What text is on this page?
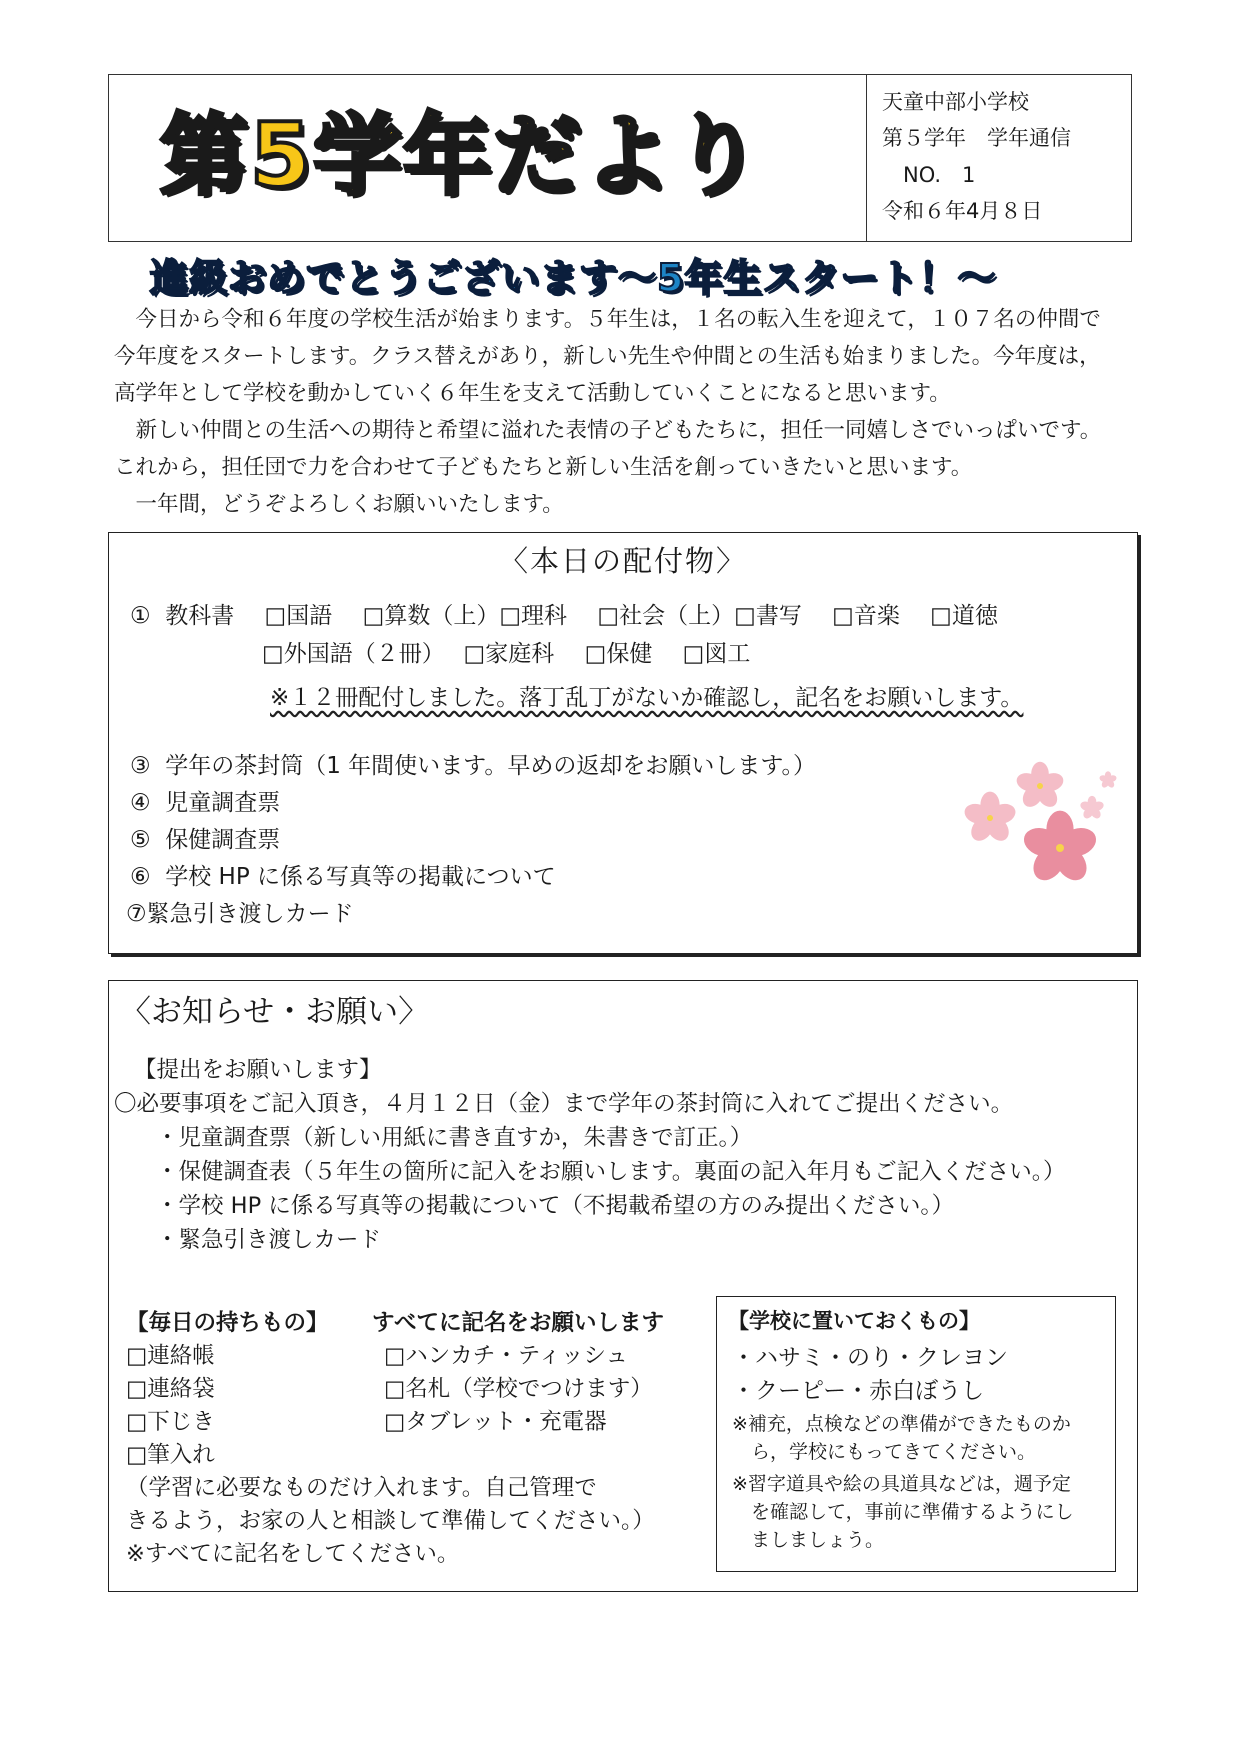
第5学年だより
天童中部小学校
第５学年　学年通信
　NO.　1
令和６年4月８日
進級おめでとうございます～5年生スタート！～
　今日から令和６年度の学校生活が始まります。５年生は，１名の転入生を迎えて，１０７名の仲間で
今年度をスタートします。クラス替えがあり，新しい先生や仲間との生活も始まりました。今年度は，
高学年として学校を動かしていく６年生を支えて活動していくことになると思います。
　新しい仲間との生活への期待と希望に溢れた表情の子どもたちに，担任一同嬉しさでいっぱいです。
これから，担任団で力を合わせて子どもたちと新しい生活を創っていきたいと思います。
　一年間，どうぞよろしくお願いいたします。
〈本日の配付物〉
①  教科書　 □国語　 □算数（上）□理科　 □社会（上）□書写　 □音楽　 □道徳
□外国語（２冊）　 □家庭科　 □保健　 □図工
※１２冊配付しました。落丁乱丁がないか確認し，記名をお願いします。
③  学年の茶封筒（1 年間使います。早めの返却をお願いします。）
④  児童調査票
⑤  保健調査票
⑥  学校 HP に係る写真等の掲載について
⑦緊急引き渡しカード
〈お知らせ・お願い〉
【提出をお願いします】
〇必要事項をご記入頂き，４月１２日（金）まで学年の茶封筒に入れてご提出ください。
・児童調査票（新しい用紙に書き直すか，朱書きで訂正。）
・保健調査表（５年生の箇所に記入をお願いします。裏面の記入年月もご記入ください。）
・学校 HP に係る写真等の掲載について（不掲載希望の方のみ提出ください。）
・緊急引き渡しカード
【毎日の持ちもの】 すべてに記名をお願いします
□連絡帳
□連絡袋
□下じき
□筆入れ
□ハンカチ・ティッシュ
□名札（学校でつけます）
□タブレット・充電器
（学習に必要なものだけ入れます。自己管理で
きるよう，お家の人と相談して準備してください。）
※すべてに記名をしてください。
【学校に置いておくもの】
・ハサミ・のり・クレヨン
・クーピー・赤白ぼうし
※補充，点検などの準備ができたものか
　ら，学校にもってきてください。
※習字道具や絵の具道具などは，週予定
　を確認して，事前に準備するようにし
　ましましょう。
